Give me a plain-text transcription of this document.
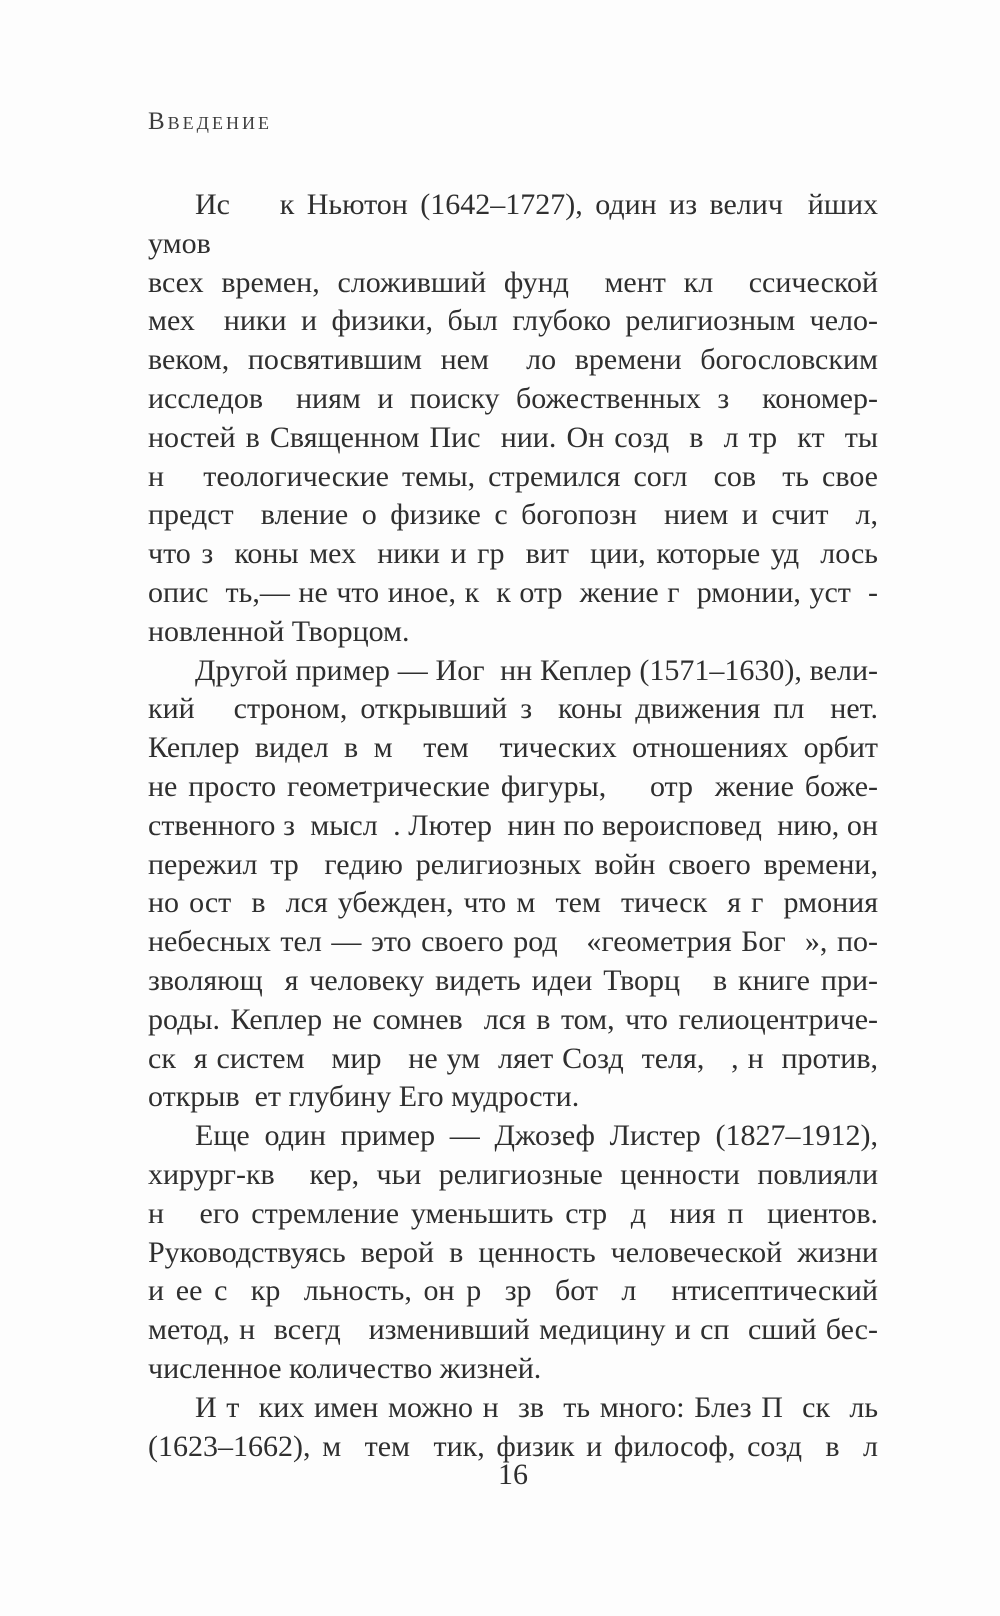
Введение

Ис    к Ньютон (1642–1727), один из велич  йших умов
всех времен, сложивший фунд  мент кл  ссической
мех  ники и физики, был глубоко религиозным чело-
веком, посвятившим нем  ло времени богословским
исследов  ниям и поиску божественных з  кономер-
ностей в Священном Пис  нии. Он созд  в  л тр  кт  ты
н   теологические темы, стремился согл  сов  ть свое
предст  вление о физике с богопозн  нием и счит  л,
что з  коны мех  ники и гр  вит  ции, которые уд  лось
опис  ть,— не что иное, к  к отр  жение г  рмонии, уст  -
новленной Творцом.

Другой пример — Иог  нн Кеплер (1571–1630), вели-
кий   строном, открывший з  коны движения пл  нет.
Кеплер видел в м  тем  тических отношениях орбит
не просто геометрические фигуры,    отр  жение боже-
ственного з  мысл  . Лютер  нин по вероисповед  нию, он
пережил тр  гедию религиозных войн своего времени,
но ост  в  лся убежден, что м  тем  тическ  я г  рмония
небесных тел — это своего род   «геометрия Бог  », по-
зволяющ  я человеку видеть идеи Творц   в книге при-
роды. Кеплер не сомнев  лся в том, что гелиоцентриче-
ск  я систем   мир   не ум  ляет Созд  теля,   , н  против,
открыв  ет глубину Его мудрости.

Еще один пример — Джозеф Листер (1827–1912),
хирург-кв  кер, чьи религиозные ценности повлияли
н   его стремление уменьшить стр  д  ния п  циентов.
Руководствуясь верой в ценность человеческой жизни
и ее с  кр  льность, он р  зр  бот  л   нтисептический
метод, н  всегд   изменивший медицину и сп  сший бес-
численное количество жизней.

И т  ких имен можно н  зв  ть много: Блез П  ск  ль
(1623–1662), м  тем  тик, физик и философ, созд  в  л

16
